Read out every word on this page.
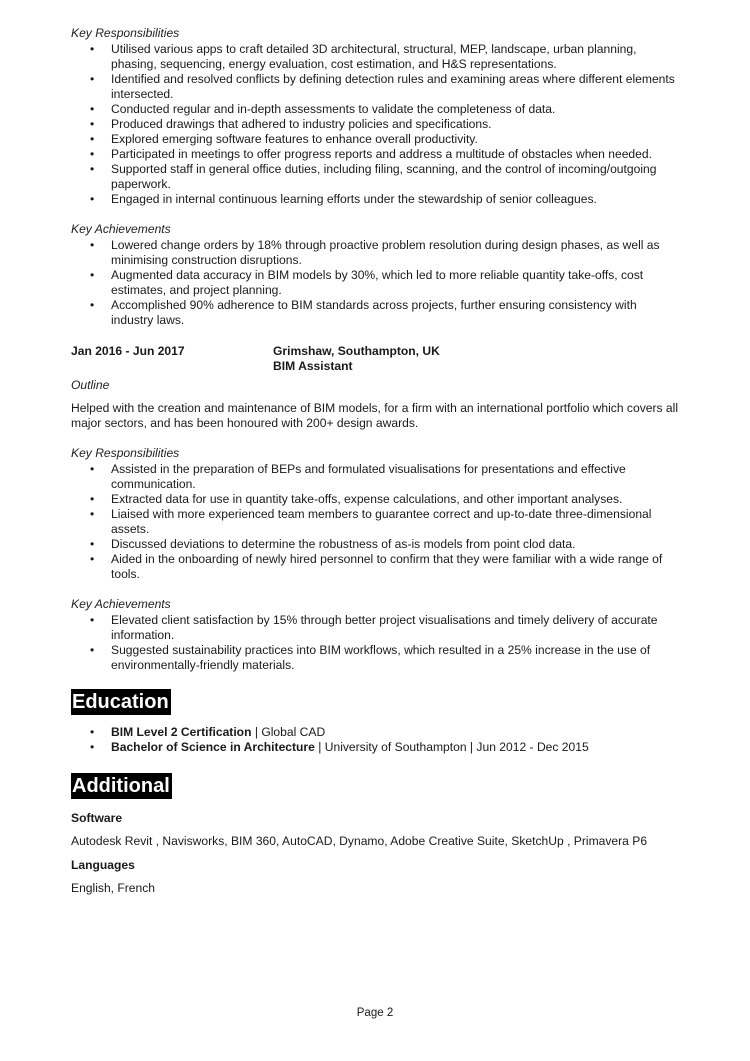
Key Responsibilities
• Utilised various apps to craft detailed 3D architectural, structural, MEP, landscape, urban planning, phasing, sequencing, energy evaluation, cost estimation, and H&S representations.
• Identified and resolved conflicts by defining detection rules and examining areas where different elements intersected.
• Conducted regular and in-depth assessments to validate the completeness of data.
• Produced drawings that adhered to industry policies and specifications.
• Explored emerging software features to enhance overall productivity.
• Participated in meetings to offer progress reports and address a multitude of obstacles when needed.
• Supported staff in general office duties, including filing, scanning, and the control of incoming/outgoing paperwork.
• Engaged in internal continuous learning efforts under the stewardship of senior colleagues.
Key Achievements
• Lowered change orders by 18% through proactive problem resolution during design phases, as well as minimising construction disruptions.
• Augmented data accuracy in BIM models by 30%, which led to more reliable quantity take-offs, cost estimates, and project planning.
• Accomplished 90% adherence to BIM standards across projects, further ensuring consistency with industry laws.
Jan 2016 - Jun 2017	Grimshaw, Southampton, UK
BIM Assistant
Outline

Helped with the creation and maintenance of BIM models, for a firm with an international portfolio which covers all major sectors, and has been honoured with 200+ design awards.

Key Responsibilities
• Assisted in the preparation of BEPs and formulated visualisations for presentations and effective communication.
• Extracted data for use in quantity take-offs, expense calculations, and other important analyses.
• Liaised with more experienced team members to guarantee correct and up-to-date three-dimensional assets.
• Discussed deviations to determine the robustness of as-is models from point clod data.
• Aided in the onboarding of newly hired personnel to confirm that they were familiar with a wide range of tools.
Key Achievements
• Elevated client satisfaction by 15% through better project visualisations and timely delivery of accurate information.
• Suggested sustainability practices into BIM workflows, which resulted in a 25% increase in the use of environmentally-friendly materials.
Education
• BIM Level 2 Certification | Global CAD
• Bachelor of Science in Architecture | University of Southampton | Jun 2012 - Dec 2015
Additional
Software
Autodesk Revit , Navisworks, BIM 360, AutoCAD, Dynamo, Adobe Creative Suite, SketchUp , Primavera P6
Languages
English, French
Page 2
